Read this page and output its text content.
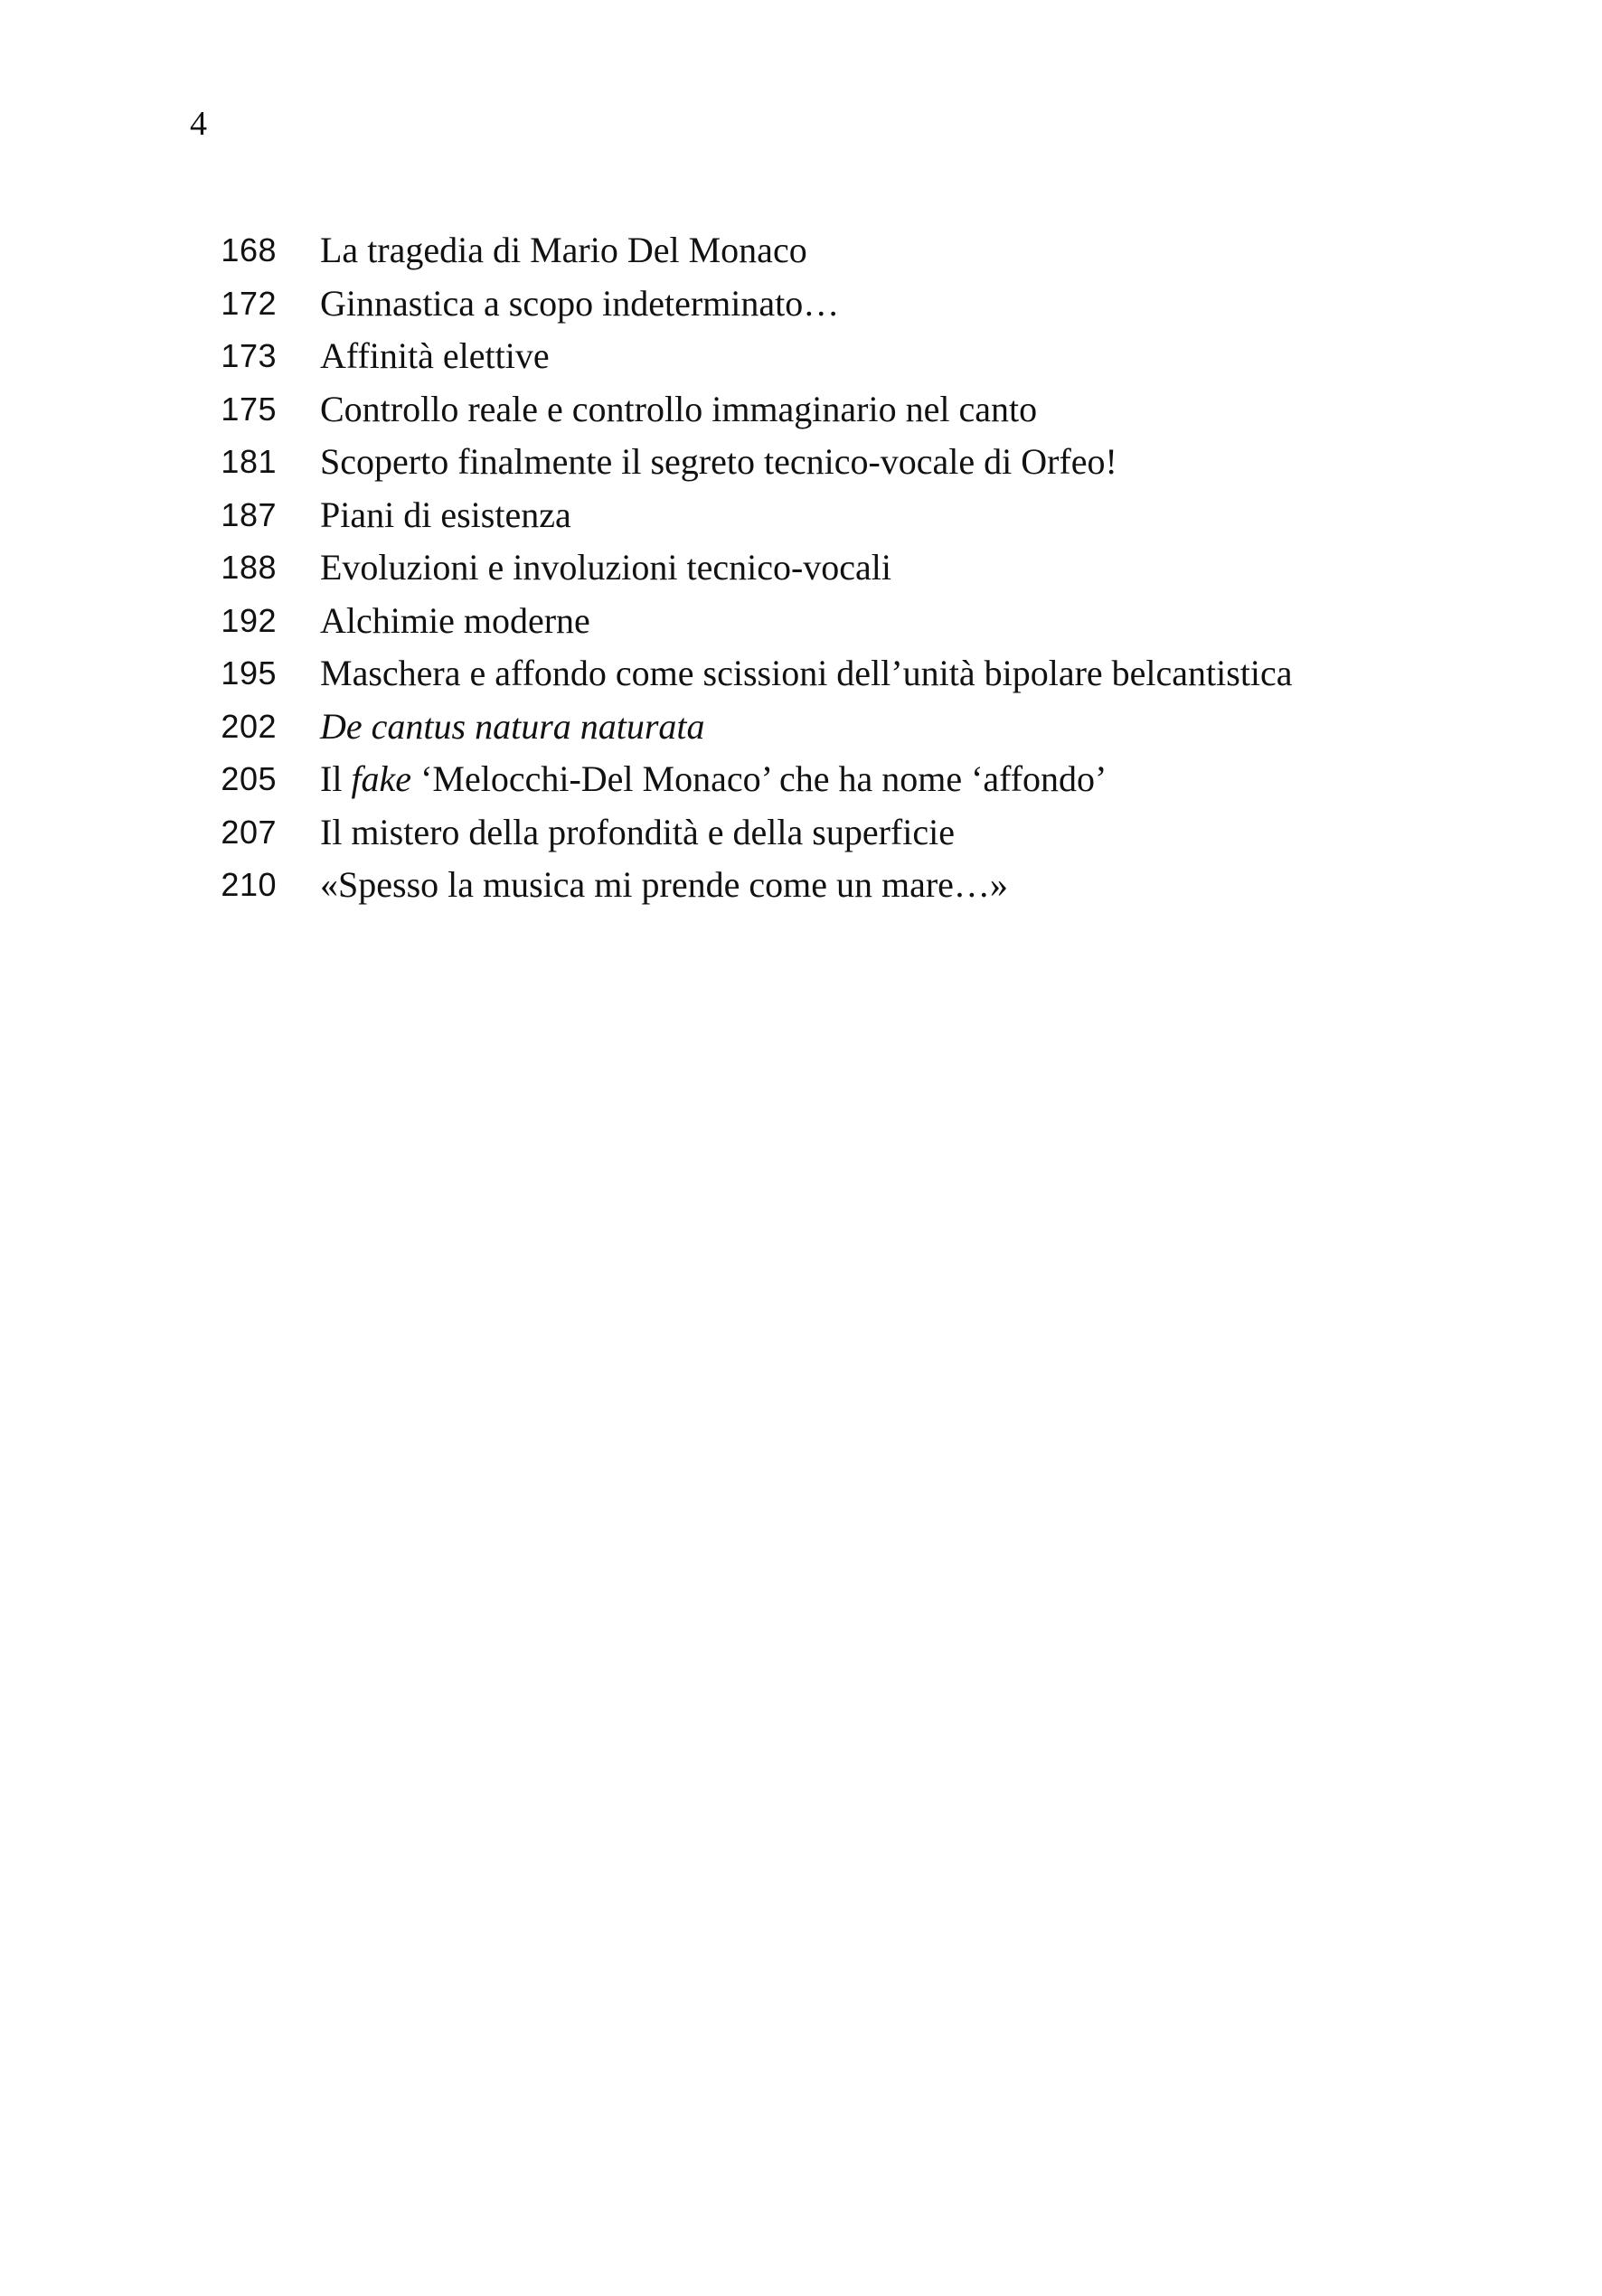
4
168 La tragedia di Mario Del Monaco
172 Ginnastica a scopo indeterminato…
173 Affinità elettive
175 Controllo reale e controllo immaginario nel canto
181 Scoperto finalmente il segreto tecnico-vocale di Orfeo!
187 Piani di esistenza
188 Evoluzioni e involuzioni tecnico-vocali
192 Alchimie moderne
195 Maschera e affondo come scissioni dell’unità bipolare belcantistica
202 De cantus natura naturata
205 Il fake ‘Melocchi-Del Monaco’ che ha nome ‘affondo’
207 Il mistero della profondità e della superficie
210 «Spesso la musica mi prende come un mare…»
